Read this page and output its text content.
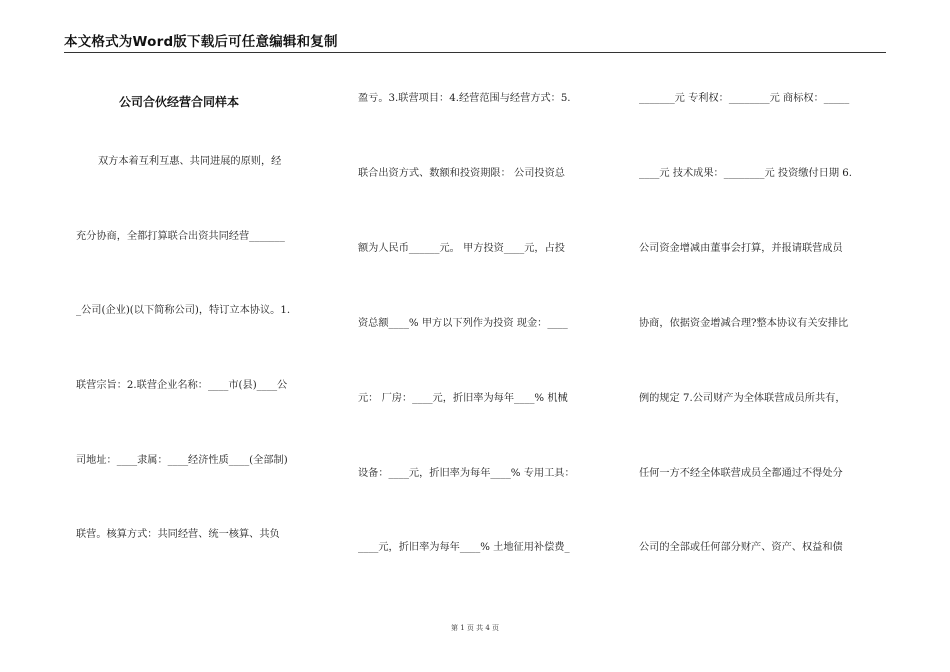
本文格式为Word版下载后可任意编辑和复制
公司合伙经营合同样本
双方本着互利互惠、共同进展的原则，经
充分协商，全都打算联合出资共同经营_______
_公司(企业)(以下简称公司)，特订立本协议。1.
联营宗旨：2.联营企业名称：____市(县)____公
司地址：____隶属：____经济性质____(全部制)
联营。核算方式：共同经营、统一核算、共负
盈亏。3.联营项目：4.经营范围与经营方式：5.
联合出资方式、数额和投资期限： 公司投资总
额为人民币______元。 甲方投资____元，占投
资总额____% 甲方以下列作为投资 现金：____
元： 厂房：____元，折旧率为每年____% 机械
设备：____元，折旧率为每年____% 专用工具：
____元，折旧率为每年____% 土地征用补偿费_
_______元 专利权：________元 商标权：_____
____元 技术成果：________元 投资缴付日期 6.
公司资金增减由董事会打算，并报请联营成员
协商，依据资金增减合理?整本协议有关安排比
例的规定 7.公司财产为全体联营成员所共有，
任何一方不经全体联营成员全都通过不得处分
公司的全部或任何部分财产、资产、权益和债
第 1 页 共 4 页
